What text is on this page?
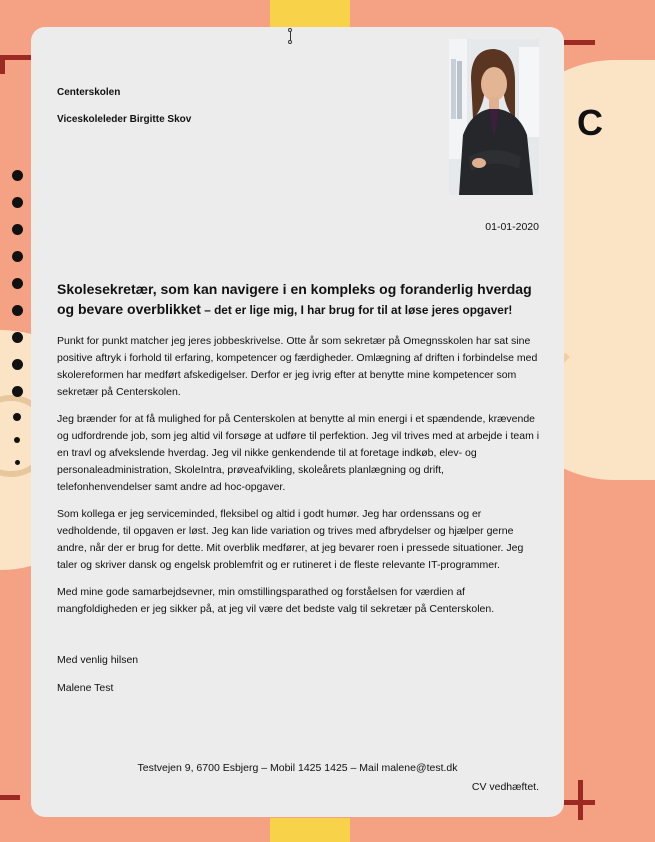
C
Centerskolen
Viceskoleleder Birgitte Skov
01-01-2020
Skolesekretær, som kan navigere i en kompleks og foranderlig hverdag og bevare overblikket – det er lige mig, I har brug for til at løse jeres opgaver!

Punkt for punkt matcher jeg jeres jobbeskrivelse. Otte år som sekretær på Omegnsskolen har sat sine positive aftryk i forhold til erfaring, kompetencer og færdigheder. Omlægning af driften i forbindelse med skolereformen har medført afskedigelser. Derfor er jeg ivrig efter at benytte mine kompetencer som sekretær på Centerskolen.

Jeg brænder for at få mulighed for på Centerskolen at benytte al min energi i et spændende, krævende og udfordrende job, som jeg altid vil forsøge at udføre til perfektion. Jeg vil trives med at arbejde i team i en travl og afvekslende hverdag. Jeg vil nikke genkendende til at foretage indkøb, elev- og personaleadministration, SkoleIntra, prøveafvikling, skoleårets planlægning og drift, telefonhenvendelser samt andre ad hoc-opgaver.

Som kollega er jeg serviceminded, fleksibel og altid i godt humør. Jeg har ordenssans og er vedholdende, til opgaven er løst. Jeg kan lide variation og trives med afbrydelser og hjælper gerne andre, når der er brug for dette. Mit overblik medfører, at jeg bevarer roen i pressede situationer. Jeg taler og skriver dansk og engelsk problemfrit og er rutineret i de fleste relevante IT-programmer.

Med mine gode samarbejdsevner, min omstillingsparathed og forståelsen for værdien af mangfoldigheden er jeg sikker på, at jeg vil være det bedste valg til sekretær på Centerskolen.

Med venlig hilsen
Malene Test
Testvejen 9, 6700 Esbjerg – Mobil 1425 1425 – Mail malene@test.dk
CV vedhæftet.
